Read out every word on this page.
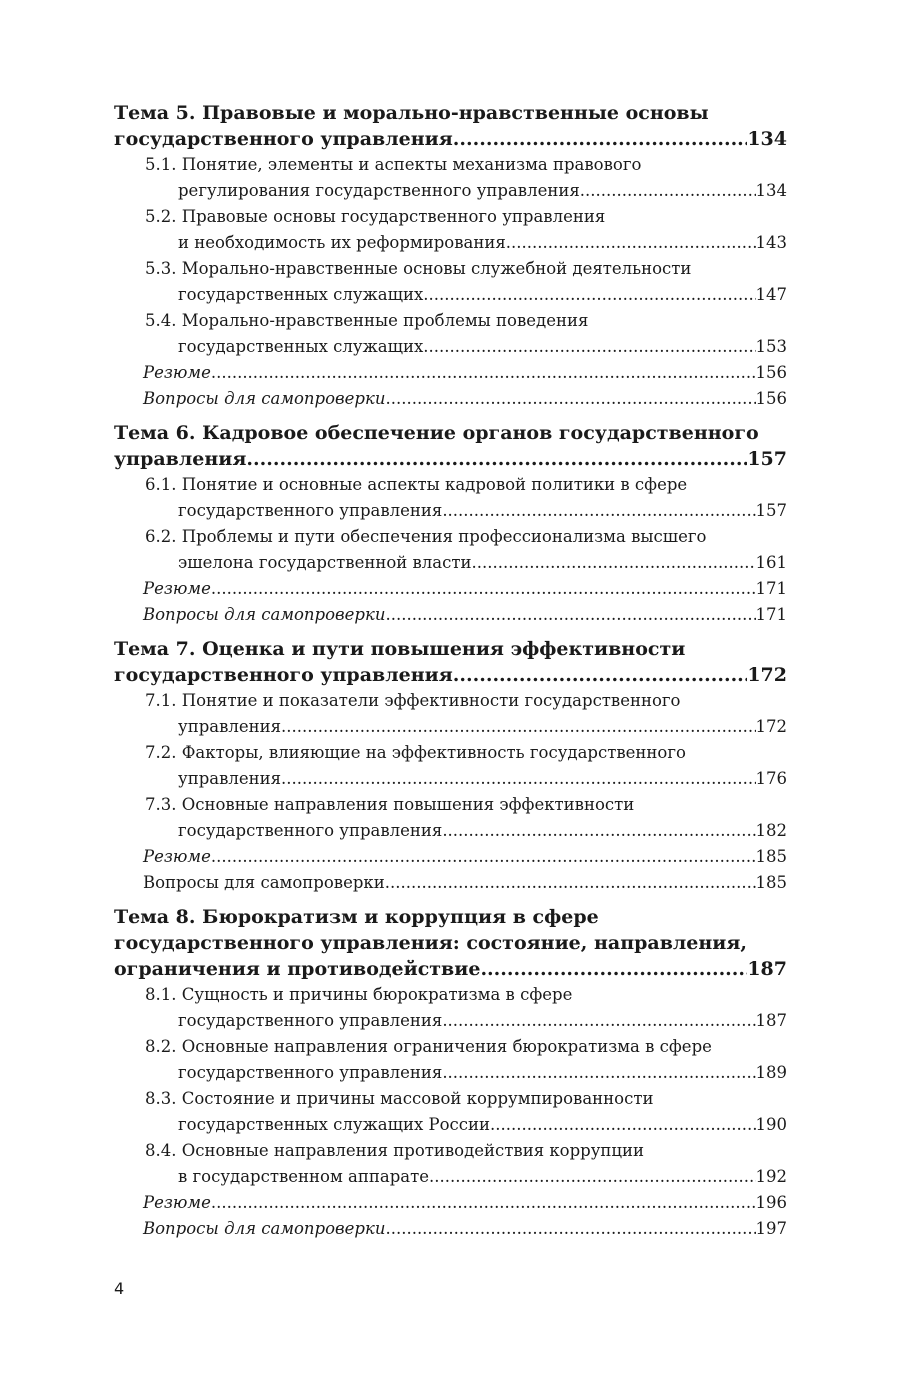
Тема 5. Правовые и морально-нравственные основы
государственного управления .....	134
5.1. Понятие, элементы и аспекты механизма правового
регулирования государственного управления .....	134
5.2. Правовые основы государственного управления
и необходимость их реформирования .....	143
5.3. Морально-нравственные основы служебной деятельности
государственных служащих .....	147
5.4. Морально-нравственные проблемы поведения
государственных служащих .....	153
Резюме .....	156
Вопросы для самопроверки .....	156
Тема 6. Кадровое обеспечение органов государственного
управления .....	157
6.1. Понятие и основные аспекты кадровой политики в сфере
государственного управления .....	157
6.2. Проблемы и пути обеспечения профессионализма высшего
эшелона государственной власти .....	161
Резюме .....	171
Вопросы для самопроверки .....	171
Тема 7. Оценка и пути повышения эффективности
государственного управления .....	172
7.1. Понятие и показатели эффективности государственного
управления .....	172
7.2. Факторы, влияющие на эффективность государственного
управления .....	176
7.3. Основные направления повышения эффективности
государственного управления .....	182
Резюме .....	185
Вопросы для самопроверки .....	185
Тема 8. Бюрократизм и коррупция в сфере
государственного управления: состояние, направления,
ограничения и противодействие .....	187
8.1. Сущность и причины бюрократизма в сфере
государственного управления .....	187
8.2. Основные направления ограничения бюрократизма в сфере
государственного управления .....	189
8.3. Состояние и причины массовой коррумпированности
государственных служащих России .....	190
8.4. Основные направления противодействия коррупции
в государственном аппарате .....	192
Резюме .....	196
Вопросы для самопроверки .....	197
4
